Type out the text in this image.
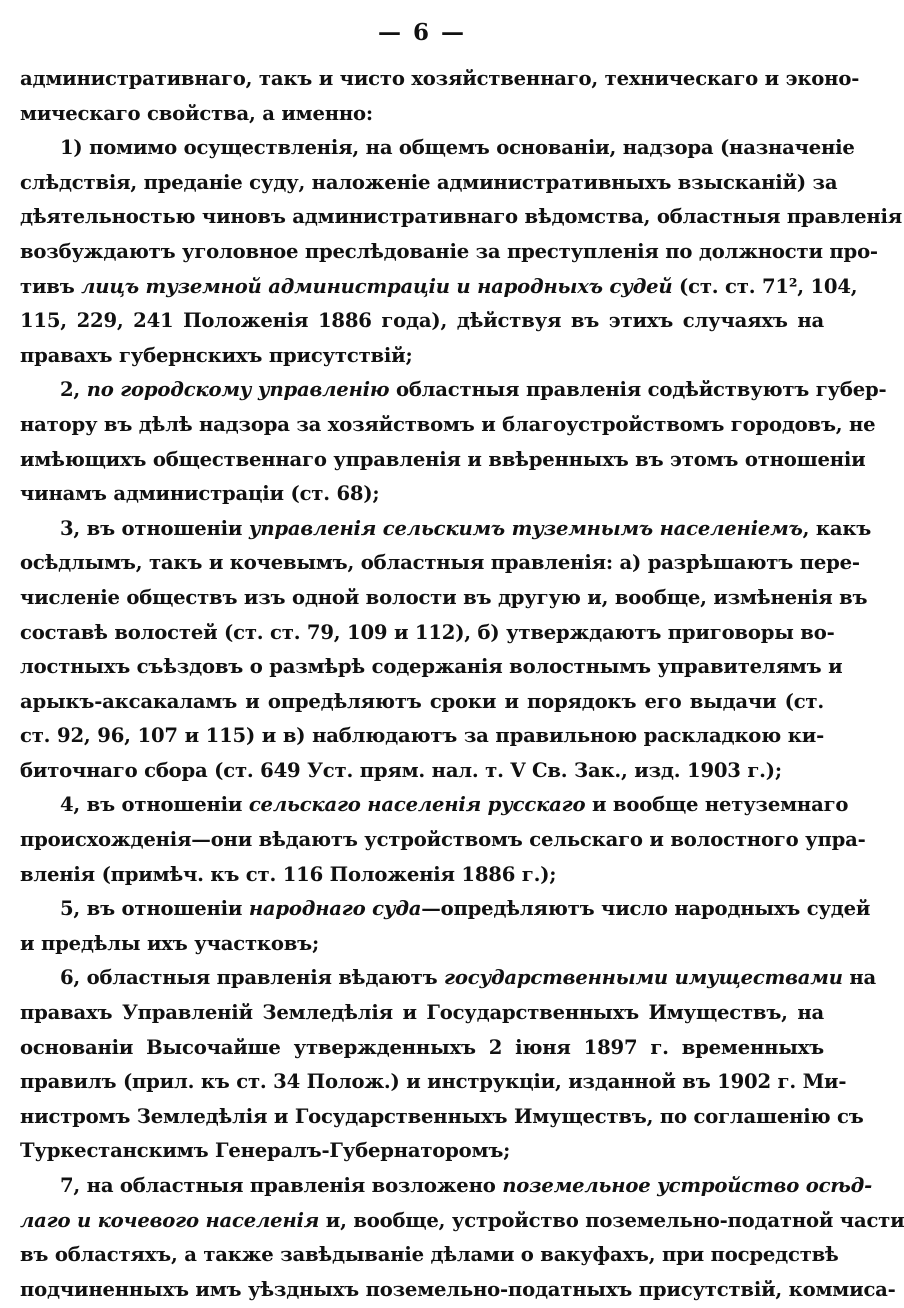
— 6 —
административнаго, такъ и чисто хозяйственнаго, техническаго и эконо-
мическаго свойства, а именно:
1) помимо осуществленія, на общемъ основаніи, надзора (назначеніе
слѣдствія, преданіе суду, наложеніе административныхъ взысканій) за
дѣятельностью чиновъ административнаго вѣдомства, областныя правленія
возбуждаютъ уголовное преслѣдованіе за преступленія по должности про-
тивъ лицъ туземной администраціи и народныхъ судей (ст. ст. 71², 104,
115, 229, 241 Положенія 1886 года), дѣйствуя въ этихъ случаяхъ на
правахъ губернскихъ присутствій;
2, по городскому управленію областныя правленія содѣйствуютъ губер-
натору въ дѣлѣ надзора за хозяйствомъ и благоустройствомъ городовъ, не
имѣющихъ общественнаго управленія и ввѣренныхъ въ этомъ отношеніи
чинамъ администраціи (ст. 68);
3, въ отношеніи управленія сельскимъ туземнымъ населеніемъ, какъ
осѣдлымъ, такъ и кочевымъ, областныя правленія: а) разрѣшаютъ пере-
численіе обществъ изъ одной волости въ другую и, вообще, измѣненія въ
составѣ волостей (ст. ст. 79, 109 и 112), б) утверждаютъ приговоры во-
лостныхъ съѣздовъ о размѣрѣ содержанія волостнымъ управителямъ и
арыкъ-аксакаламъ и опредѣляютъ сроки и порядокъ его выдачи (ст.
ст. 92, 96, 107 и 115) и в) наблюдаютъ за правильною раскладкою ки-
биточнаго сбора (ст. 649 Уст. прям. нал. т. V Св. Зак., изд. 1903 г.);
4, въ отношеніи сельскаго населенія русскаго и вообще нетуземнаго
происхожденія—они вѣдаютъ устройствомъ сельскаго и волостного упра-
вленія (примѣч. къ ст. 116 Положенія 1886 г.);
5, въ отношеніи народнаго суда—опредѣляютъ число народныхъ судей
и предѣлы ихъ участковъ;
6, областныя правленія вѣдаютъ государственными имуществами на
правахъ Управленій Земледѣлія и Государственныхъ Имуществъ, на
основаніи Высочайше утвержденныхъ 2 іюня 1897 г. временныхъ
правилъ (прил. къ ст. 34 Полож.) и инструкціи, изданной въ 1902 г. Ми-
нистромъ Земледѣлія и Государственныхъ Имуществъ, по соглашенію съ
Туркестанскимъ Генералъ-Губернаторомъ;
7, на областныя правленія возложено поземельное устройство осѣд-
лаго и кочевого населенія и, вообще, устройство поземельно-податной части
въ областяхъ, а также завѣдываніе дѣлами о вакуфахъ, при посредствѣ
подчиненныхъ имъ уѣздныхъ поземельно-податныхъ присутствій, коммиса-
